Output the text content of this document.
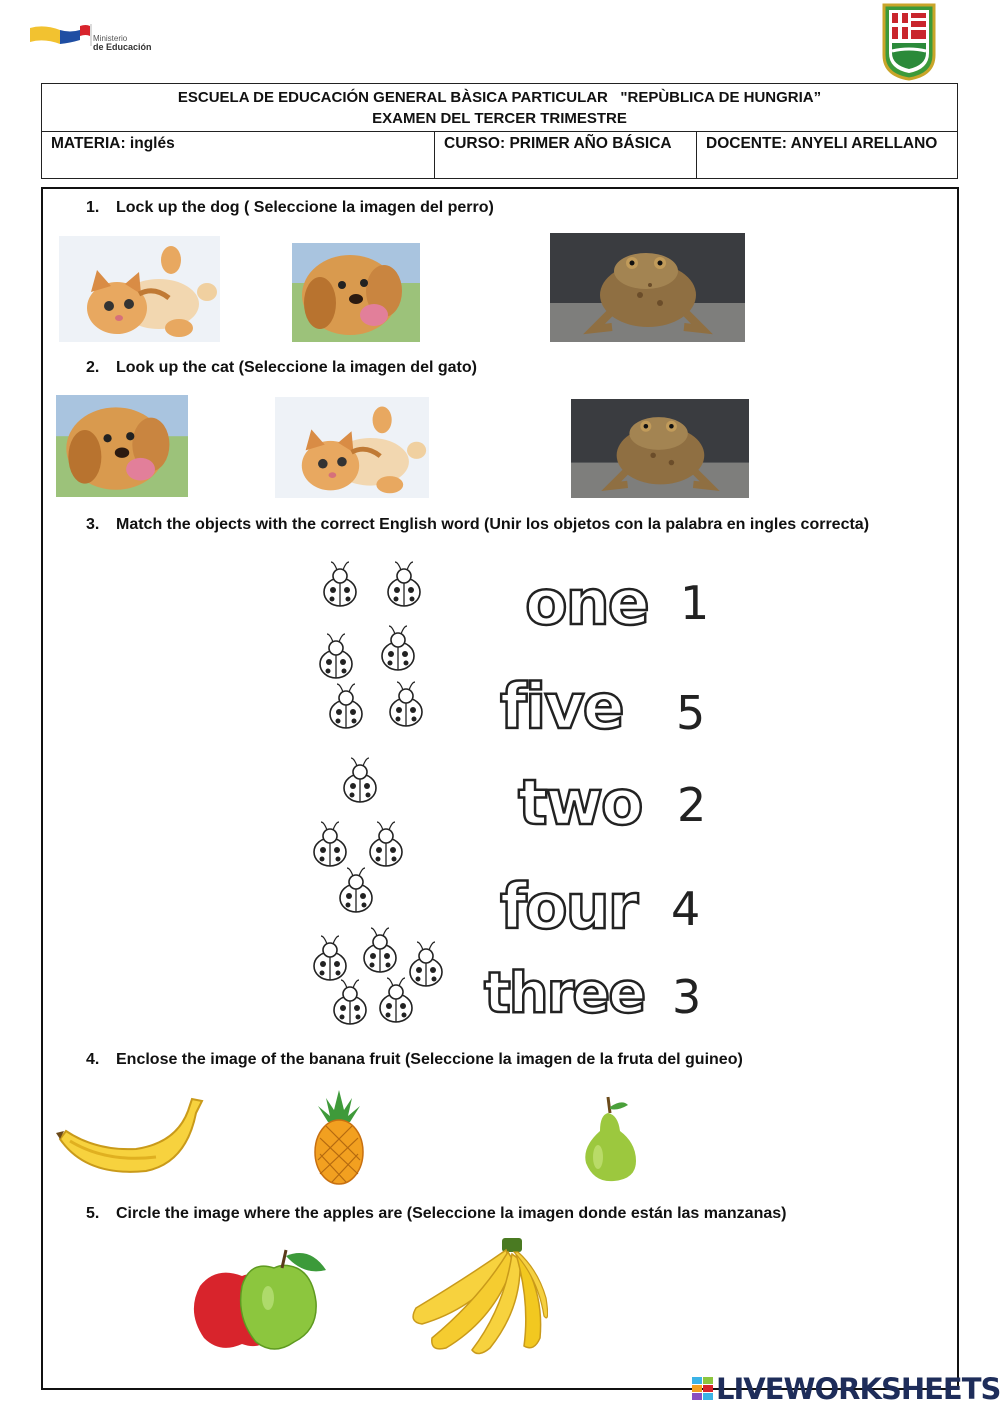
Ministerio
de Educación
ESCUELA DE EDUCACIÓN GENERAL BÀSICA PARTICULAR   "REPÙBLICA DE HUNGRIA”
EXAMEN DEL TERCER TRIMESTRE
MATERIA: inglés	CURSO: PRIMER AÑO BÁSICA	DOCENTE: ANYELI ARELLANO
1. Lock up the dog ( Seleccione la imagen del perro)
2. Look up the cat (Seleccione la imagen del gato)
3. Match the objects with the correct English word (Unir los objetos con la palabra en ingles correcta)
one 1
five 5
two 2
four 4
three 3
4. Enclose the image of the banana fruit (Seleccione la imagen de la fruta del guineo)
5. Circle the image where the apples are (Seleccione la imagen donde están las manzanas)
LIVEWORKSHEETS
